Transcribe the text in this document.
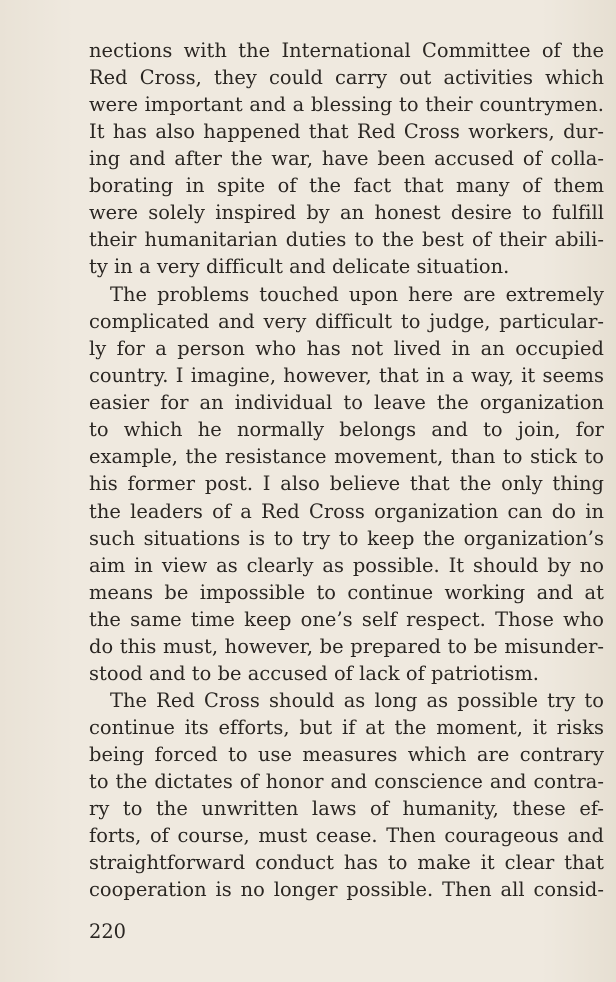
nections with the International Committee of the
Red Cross, they could carry out activities which
were important and a blessing to their countrymen.
It has also happened that Red Cross workers, dur-
ing and after the war, have been accused of colla-
borating in spite of the fact that many of them
were solely inspired by an honest desire to fulfill
their humanitarian duties to the best of their abili-
ty in a very difficult and delicate situation.
The problems touched upon here are extremely
complicated and very difficult to judge, particular-
ly for a person who has not lived in an occupied
country. I imagine, however, that in a way, it seems
easier for an individual to leave the organization
to which he normally belongs and to join, for
example, the resistance movement, than to stick to
his former post. I also believe that the only thing
the leaders of a Red Cross organization can do in
such situations is to try to keep the organization’s
aim in view as clearly as possible. It should by no
means be impossible to continue working and at
the same time keep one’s self respect. Those who
do this must, however, be prepared to be misunder-
stood and to be accused of lack of patriotism.
The Red Cross should as long as possible try to
continue its efforts, but if at the moment, it risks
being forced to use measures which are contrary
to the dictates of honor and conscience and contra-
ry to the unwritten laws of humanity, these ef-
forts, of course, must cease. Then courageous and
straightforward conduct has to make it clear that
cooperation is no longer possible. Then all consid-
220
